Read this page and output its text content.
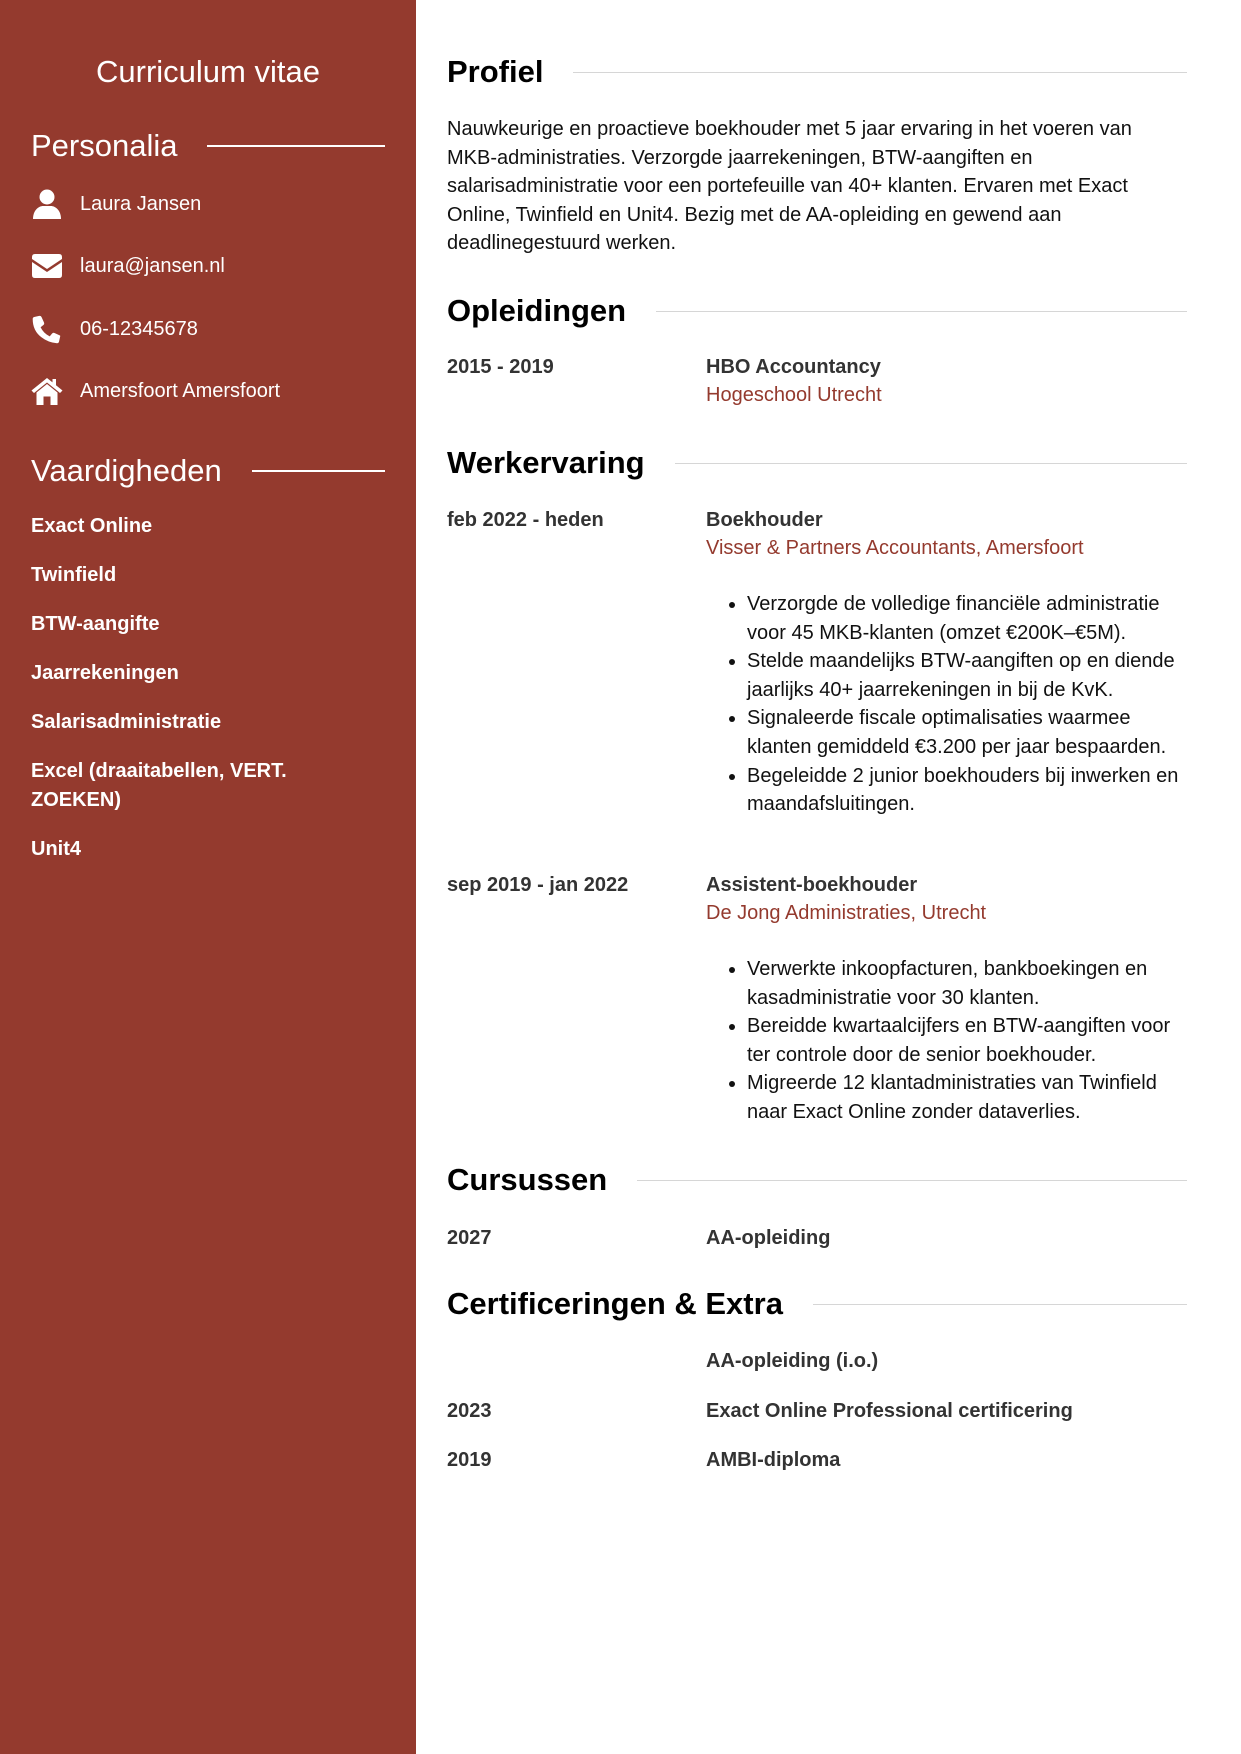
Curriculum vitae
Personalia
Laura Jansen
laura@jansen.nl
06-12345678
Amersfoort Amersfoort
Vaardigheden
Exact Online
Twinfield
BTW-aangifte
Jaarrekeningen
Salarisadministratie
Excel (draaitabellen, VERT. ZOEKEN)
Unit4
Profiel

Nauwkeurige en proactieve boekhouder met 5 jaar ervaring in het voeren van MKB-administraties. Verzorgde jaarrekeningen, BTW-aangiften en salarisadministratie voor een portefeuille van 40+ klanten. Ervaren met Exact Online, Twinfield en Unit4. Bezig met de AA-opleiding en gewend aan deadlinegestuurd werken.

Opleidingen
2015 - 2019	HBO Accountancy
Hogeschool Utrecht
Werkervaring
feb 2022 - heden	Boekhouder
Visser & Partners Accountants, Amersfoort
• Verzorgde de volledige financiële administratie voor 45 MKB-klanten (omzet €200K–€5M).
• Stelde maandelijks BTW-aangiften op en diende jaarlijks 40+ jaarrekeningen in bij de KvK.
• Signaleerde fiscale optimalisaties waarmee klanten gemiddeld €3.200 per jaar bespaarden.
• Begeleidde 2 junior boekhouders bij inwerken en maandafsluitingen.
sep 2019 - jan 2022	Assistent-boekhouder
De Jong Administraties, Utrecht
• Verwerkte inkoopfacturen, bankboekingen en kasadministratie voor 30 klanten.
• Bereidde kwartaalcijfers en BTW-aangiften voor ter controle door de senior boekhouder.
• Migreerde 12 klantadministraties van Twinfield naar Exact Online zonder dataverlies.
Cursussen
2027	AA-opleiding
Certificeringen & Extra
AA-opleiding (i.o.)
2023	Exact Online Professional certificering
2019	AMBI-diploma
